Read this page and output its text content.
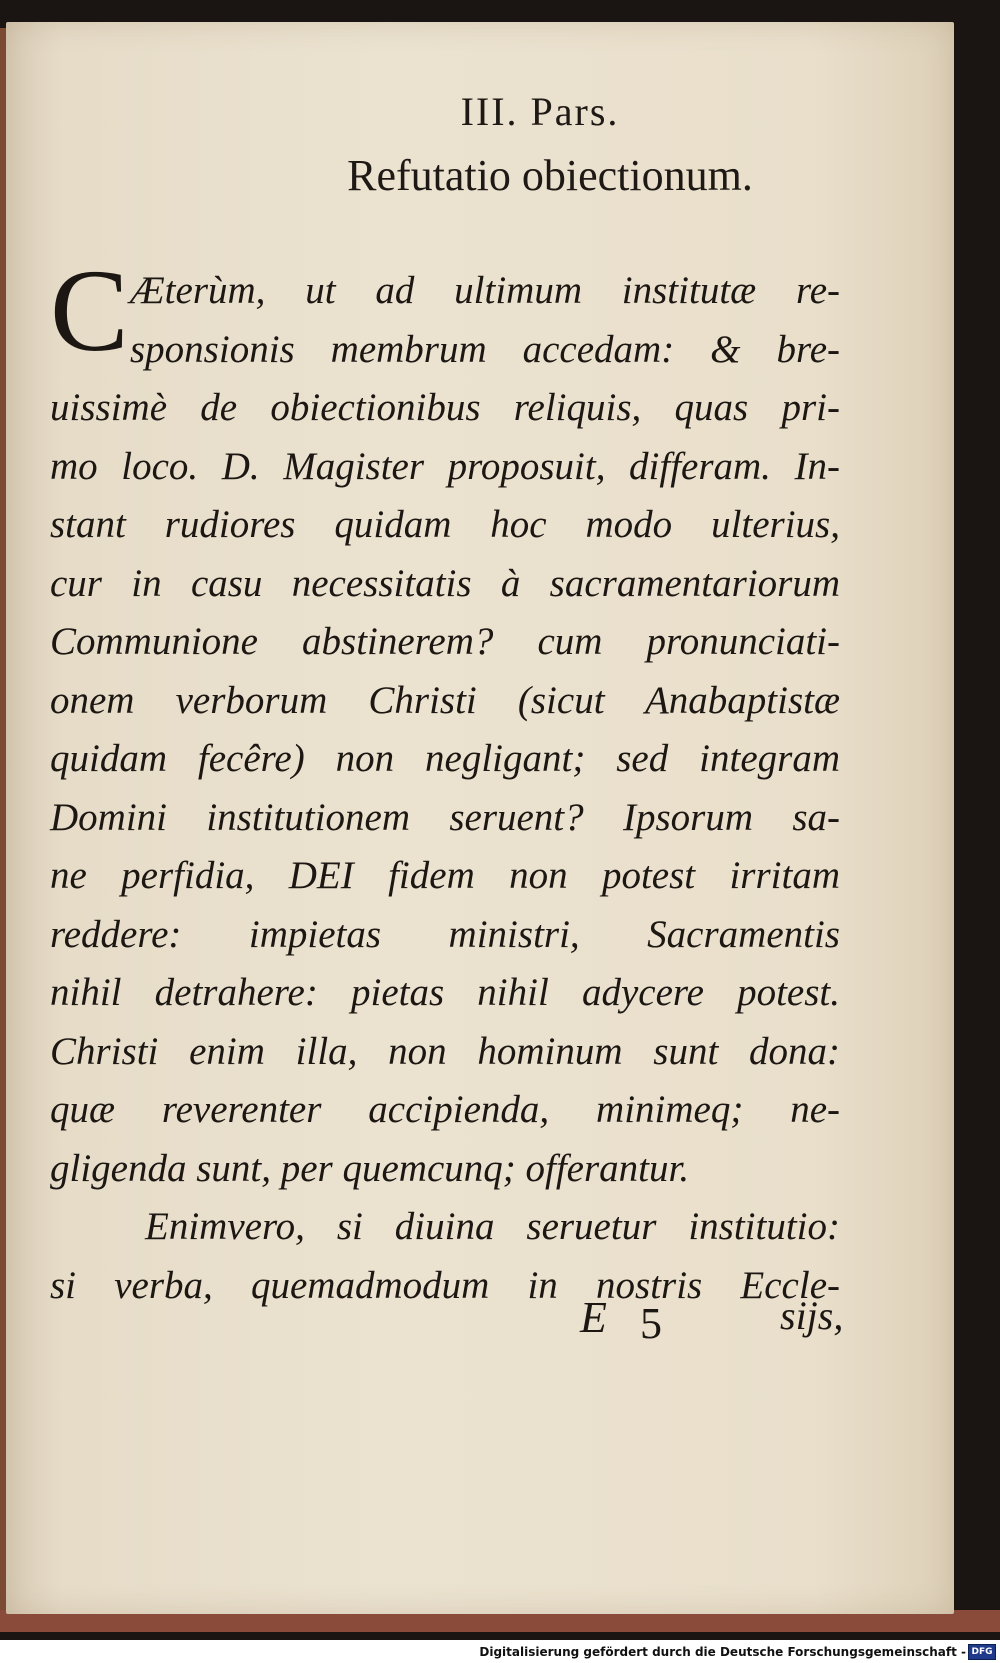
III. Pars.
Refutatio obiectionum.
C Æterùm, ut ad ultimum institutæ re-
sponsionis membrum accedam: & bre-
uissimè de obiectionibus reliquis, quas pri-
mo loco. D. Magister proposuit, differam. In-
stant rudiores quidam hoc modo ulterius,
cur in casu necessitatis à sacramentariorum
Communione abstinerem? cum pronunciati-
onem verborum Christi (sicut Anabaptistæ
quidam fecêre) non negligant; sed integram
Domini institutionem seruent? Ipsorum sa-
ne perfidia, DEI fidem non potest irritam
reddere: impietas ministri, Sacramentis
nihil detrahere: pietas nihil adycere potest.
Christi enim illa, non hominum sunt dona:
quæ reverenter accipienda, minimeq; ne-
gligenda sunt, per quemcunq; offerantur.
Enimvero, si diuina seruetur institutio:
si verba, quemadmodum in nostris Eccle-
E 5	sijs,
Digitalisierung gefördert durch die Deutsche Forschungsgemeinschaft - DFG
